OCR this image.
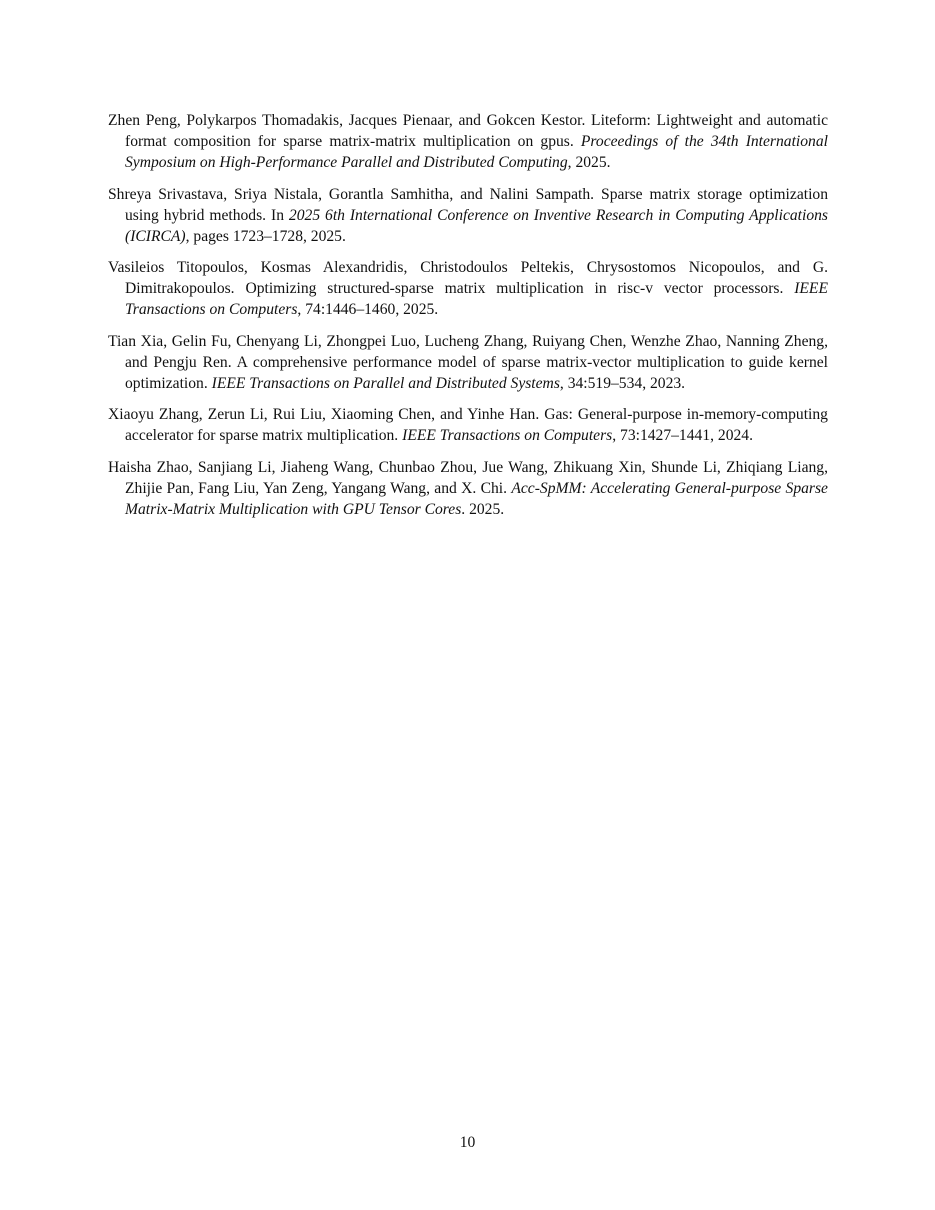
Zhen Peng, Polykarpos Thomadakis, Jacques Pienaar, and Gokcen Kestor. Liteform: Lightweight and automatic format composition for sparse matrix-matrix multiplication on gpus. Proceedings of the 34th International Symposium on High-Performance Parallel and Distributed Computing, 2025.

Shreya Srivastava, Sriya Nistala, Gorantla Samhitha, and Nalini Sampath. Sparse matrix storage optimization using hybrid methods. In 2025 6th International Conference on Inventive Research in Computing Applications (ICIRCA), pages 1723–1728, 2025.

Vasileios Titopoulos, Kosmas Alexandridis, Christodoulos Peltekis, Chrysostomos Nicopoulos, and G. Dimitrakopoulos. Optimizing structured-sparse matrix multiplication in risc-v vector processors. IEEE Transactions on Computers, 74:1446–1460, 2025.

Tian Xia, Gelin Fu, Chenyang Li, Zhongpei Luo, Lucheng Zhang, Ruiyang Chen, Wenzhe Zhao, Nanning Zheng, and Pengju Ren. A comprehensive performance model of sparse matrix-vector multiplication to guide kernel optimization. IEEE Transactions on Parallel and Distributed Systems, 34:519–534, 2023.

Xiaoyu Zhang, Zerun Li, Rui Liu, Xiaoming Chen, and Yinhe Han. Gas: General-purpose in-memory-computing accelerator for sparse matrix multiplication. IEEE Transactions on Computers, 73:1427–1441, 2024.

Haisha Zhao, Sanjiang Li, Jiaheng Wang, Chunbao Zhou, Jue Wang, Zhikuang Xin, Shunde Li, Zhiqiang Liang, Zhijie Pan, Fang Liu, Yan Zeng, Yangang Wang, and X. Chi. Acc-SpMM: Accelerating General-purpose Sparse Matrix-Matrix Multiplication with GPU Tensor Cores. 2025.

10
